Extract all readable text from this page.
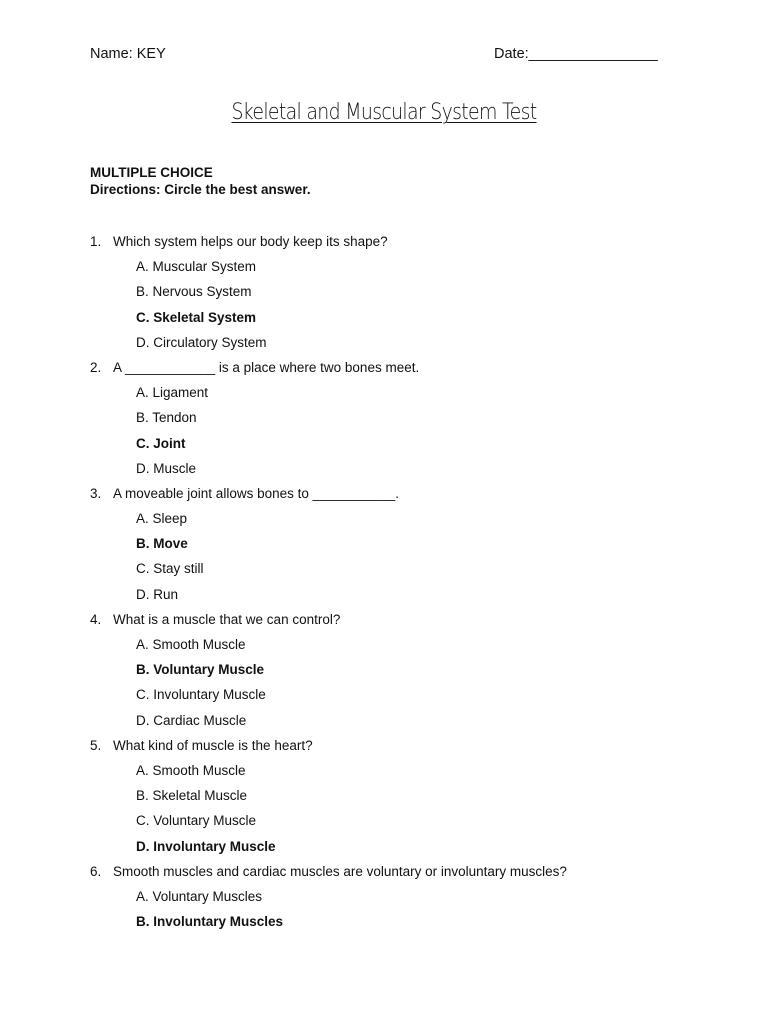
Name: KEY	Date:________________
Skeletal and Muscular System Test
MULTIPLE CHOICE
Directions: Circle the best answer.
1. Which system helps our body keep its shape?
A. Muscular System
B. Nervous System
C. Skeletal System
D. Circulatory System
2. A ____________ is a place where two bones meet.
A. Ligament
B. Tendon
C. Joint
D. Muscle
3. A moveable joint allows bones to ___________.
A. Sleep
B. Move
C. Stay still
D. Run
4. What is a muscle that we can control?
A. Smooth Muscle
B. Voluntary Muscle
C. Involuntary Muscle
D. Cardiac Muscle
5. What kind of muscle is the heart?
A. Smooth Muscle
B. Skeletal Muscle
C. Voluntary Muscle
D. Involuntary Muscle
6. Smooth muscles and cardiac muscles are voluntary or involuntary muscles?
A. Voluntary Muscles
B. Involuntary Muscles
